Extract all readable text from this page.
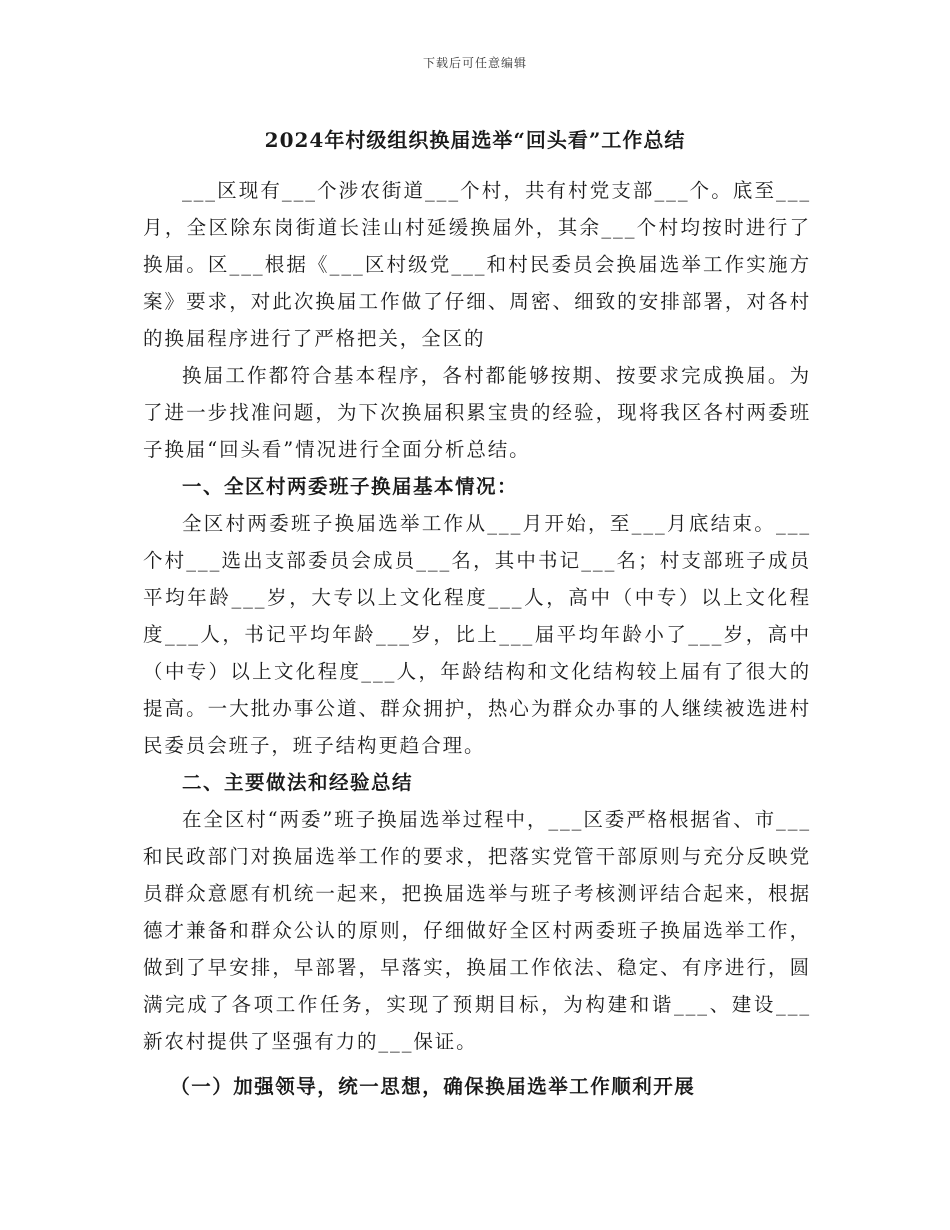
下载后可任意编辑
2024年村级组织换届选举“回头看”工作总结

___区现有___个涉农街道___个村，共有村党支部___个。底至___月，全区除东岗街道长洼山村延缓换届外，其余___个村均按时进行了换届。区___根据《___区村级党___和村民委员会换届选举工作实施方案》要求，对此次换届工作做了仔细、周密、细致的安排部署，对各村的换届程序进行了严格把关，全区的

换届工作都符合基本程序，各村都能够按期、按要求完成换届。为了进一步找准问题，为下次换届积累宝贵的经验，现将我区各村两委班子换届“回头看”情况进行全面分析总结。

一、全区村两委班子换届基本情况：

全区村两委班子换届选举工作从___月开始，至___月底结束。___个村___选出支部委员会成员___名，其中书记___名；村支部班子成员平均年龄___岁，大专以上文化程度___人，高中（中专）以上文化程度___人，书记平均年龄___岁，比上___届平均年龄小了___岁，高中（中专）以上文化程度___人，年龄结构和文化结构较上届有了很大的提高。一大批办事公道、群众拥护，热心为群众办事的人继续被选进村民委员会班子，班子结构更趋合理。

二、主要做法和经验总结

在全区村“两委”班子换届选举过程中，___区委严格根据省、市___和民政部门对换届选举工作的要求，把落实党管干部原则与充分反映党员群众意愿有机统一起来，把换届选举与班子考核测评结合起来，根据德才兼备和群众公认的原则，仔细做好全区村两委班子换届选举工作，做到了早安排，早部署，早落实，换届工作依法、稳定、有序进行，圆满完成了各项工作任务，实现了预期目标，为构建和谐___、建设___新农村提供了坚强有力的___保证。

（一）加强领导，统一思想，确保换届选举工作顺利开展
